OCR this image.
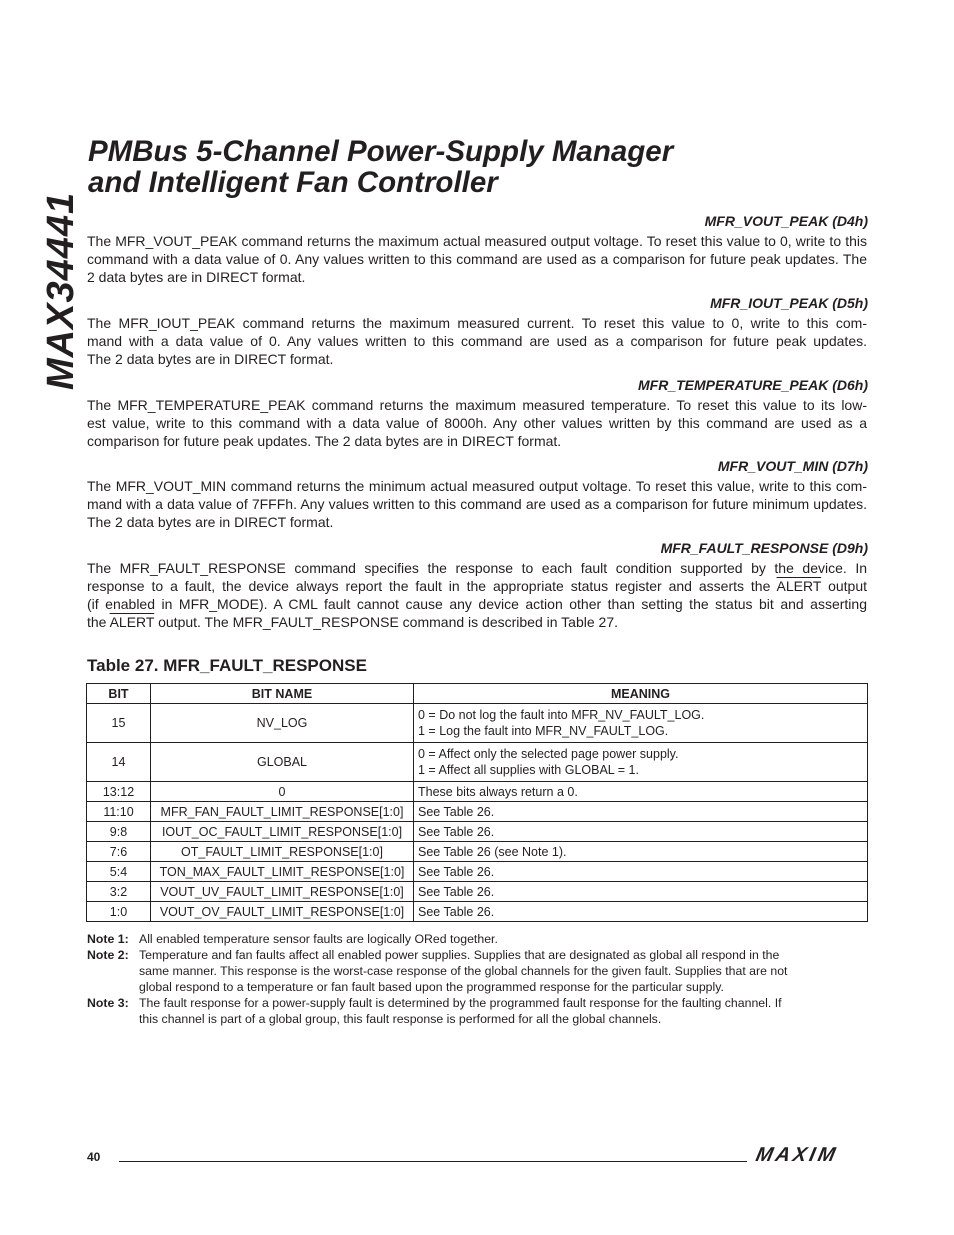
MAX34441
PMBus 5-Channel Power-Supply Manager
and Intelligent Fan Controller
MFR_VOUT_PEAK (D4h)
The MFR_VOUT_PEAK command returns the maximum actual measured output voltage. To reset this value to 0, write to this
command with a data value of 0. Any values written to this command are used as a comparison for future peak updates. The
2 data bytes are in DIRECT format.
MFR_IOUT_PEAK (D5h)
The MFR_IOUT_PEAK command returns the maximum measured current. To reset this value to 0, write to this com-
mand with a data value of 0. Any values written to this command are used as a comparison for future peak updates.
The 2 data bytes are in DIRECT format.
MFR_TEMPERATURE_PEAK (D6h)
The MFR_TEMPERATURE_PEAK command returns the maximum measured temperature. To reset this value to its low-
est value, write to this command with a data value of 8000h. Any other values written by this command are used as a
comparison for future peak updates. The 2 data bytes are in DIRECT format.
MFR_VOUT_MIN (D7h)
The MFR_VOUT_MIN command returns the minimum actual measured output voltage. To reset this value, write to this com-
mand with a data value of 7FFFh. Any values written to this command are used as a comparison for future minimum updates.
The 2 data bytes are in DIRECT format.
MFR_FAULT_RESPONSE (D9h)
The MFR_FAULT_RESPONSE command specifies the response to each fault condition supported by the device. In
response to a fault, the device always report the fault in the appropriate status register and asserts the ALERT output
(if enabled in MFR_MODE). A CML fault cannot cause any device action other than setting the status bit and asserting
the ALERT output. The MFR_FAULT_RESPONSE command is described in Table 27.
Table 27. MFR_FAULT_RESPONSE
BIT	BIT NAME	MEANING
15	NV_LOG	0 = Do not log the fault into MFR_NV_FAULT_LOG.
1 = Log the fault into MFR_NV_FAULT_LOG.

14	GLOBAL	0 = Affect only the selected page power supply.
1 = Affect all supplies with GLOBAL = 1.

13:12	0	These bits always return a 0.
11:10	MFR_FAN_FAULT_LIMIT_RESPONSE[1:0]	See Table 26.
9:8	IOUT_OC_FAULT_LIMIT_RESPONSE[1:0]	See Table 26.
7:6	OT_FAULT_LIMIT_RESPONSE[1:0]	See Table 26 (see Note 1).
5:4	TON_MAX_FAULT_LIMIT_RESPONSE[1:0]	See Table 26.
3:2	VOUT_UV_FAULT_LIMIT_RESPONSE[1:0]	See Table 26.
1:0	VOUT_OV_FAULT_LIMIT_RESPONSE[1:0]	See Table 26.
Note 1: All enabled temperature sensor faults are logically ORed together.
Note 2: Temperature and fan faults affect all enabled power supplies. Supplies that are designated as global all respond in the
same manner. This response is the worst-case response of the global channels for the given fault. Supplies that are not
global respond to a temperature or fan fault based upon the programmed response for the particular supply.
Note 3: The fault response for a power-supply fault is determined by the programmed fault response for the faulting channel. If
this channel is part of a global group, this fault response is performed for all the global channels.
40	MAXIM
